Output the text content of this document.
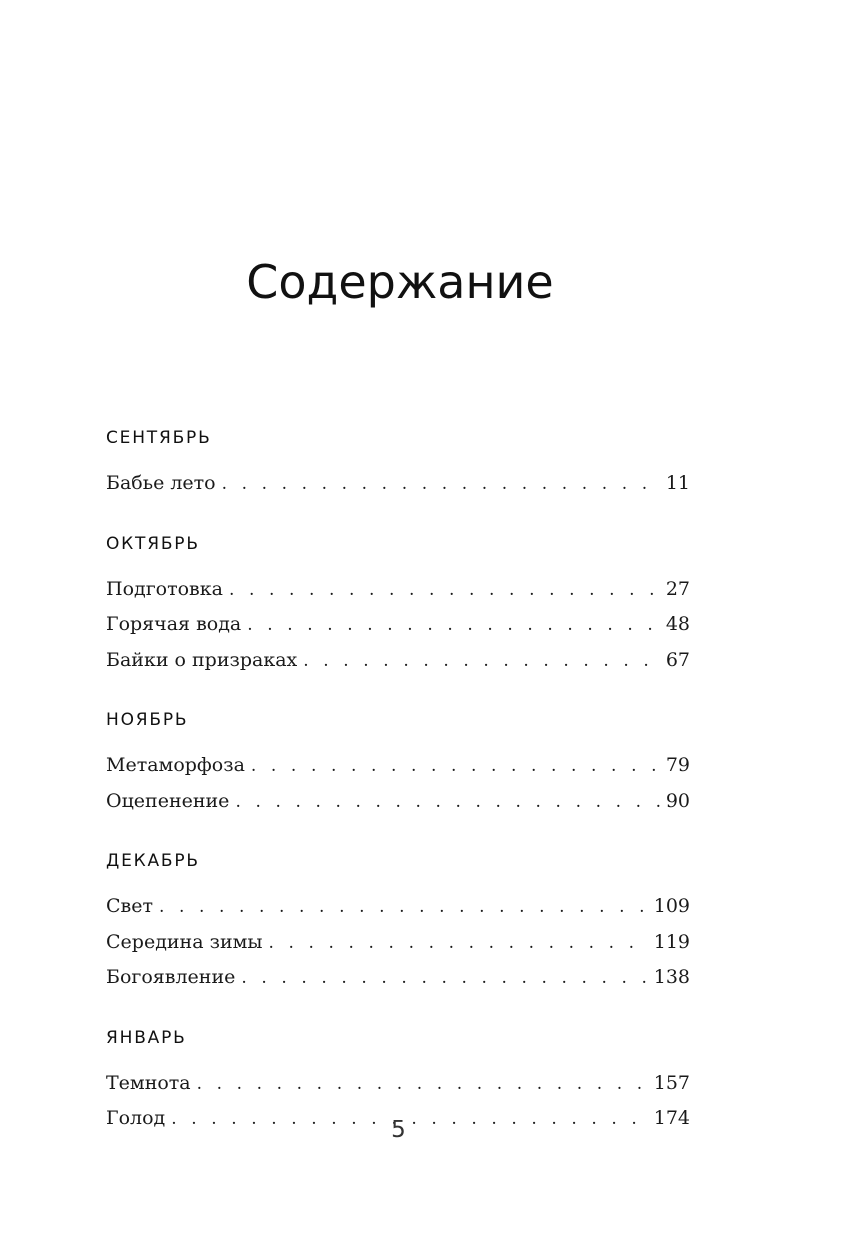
Содержание
СЕНТЯБРЬ
Бабье лето . . .	11
ОКТЯБРЬ
Подготовка . . .	27
Горячая вода . . .	48
Байки о призраках . . .	67
НОЯБРЬ
Метаморфоза . . .	79
Оцепенение . . .	90
ДЕКАБРЬ
Свет . . .	109
Середина зимы . . .	119
Богоявление . . .	138
ЯНВАРЬ
Темнота . . .	157
Голод . . .	174
5
